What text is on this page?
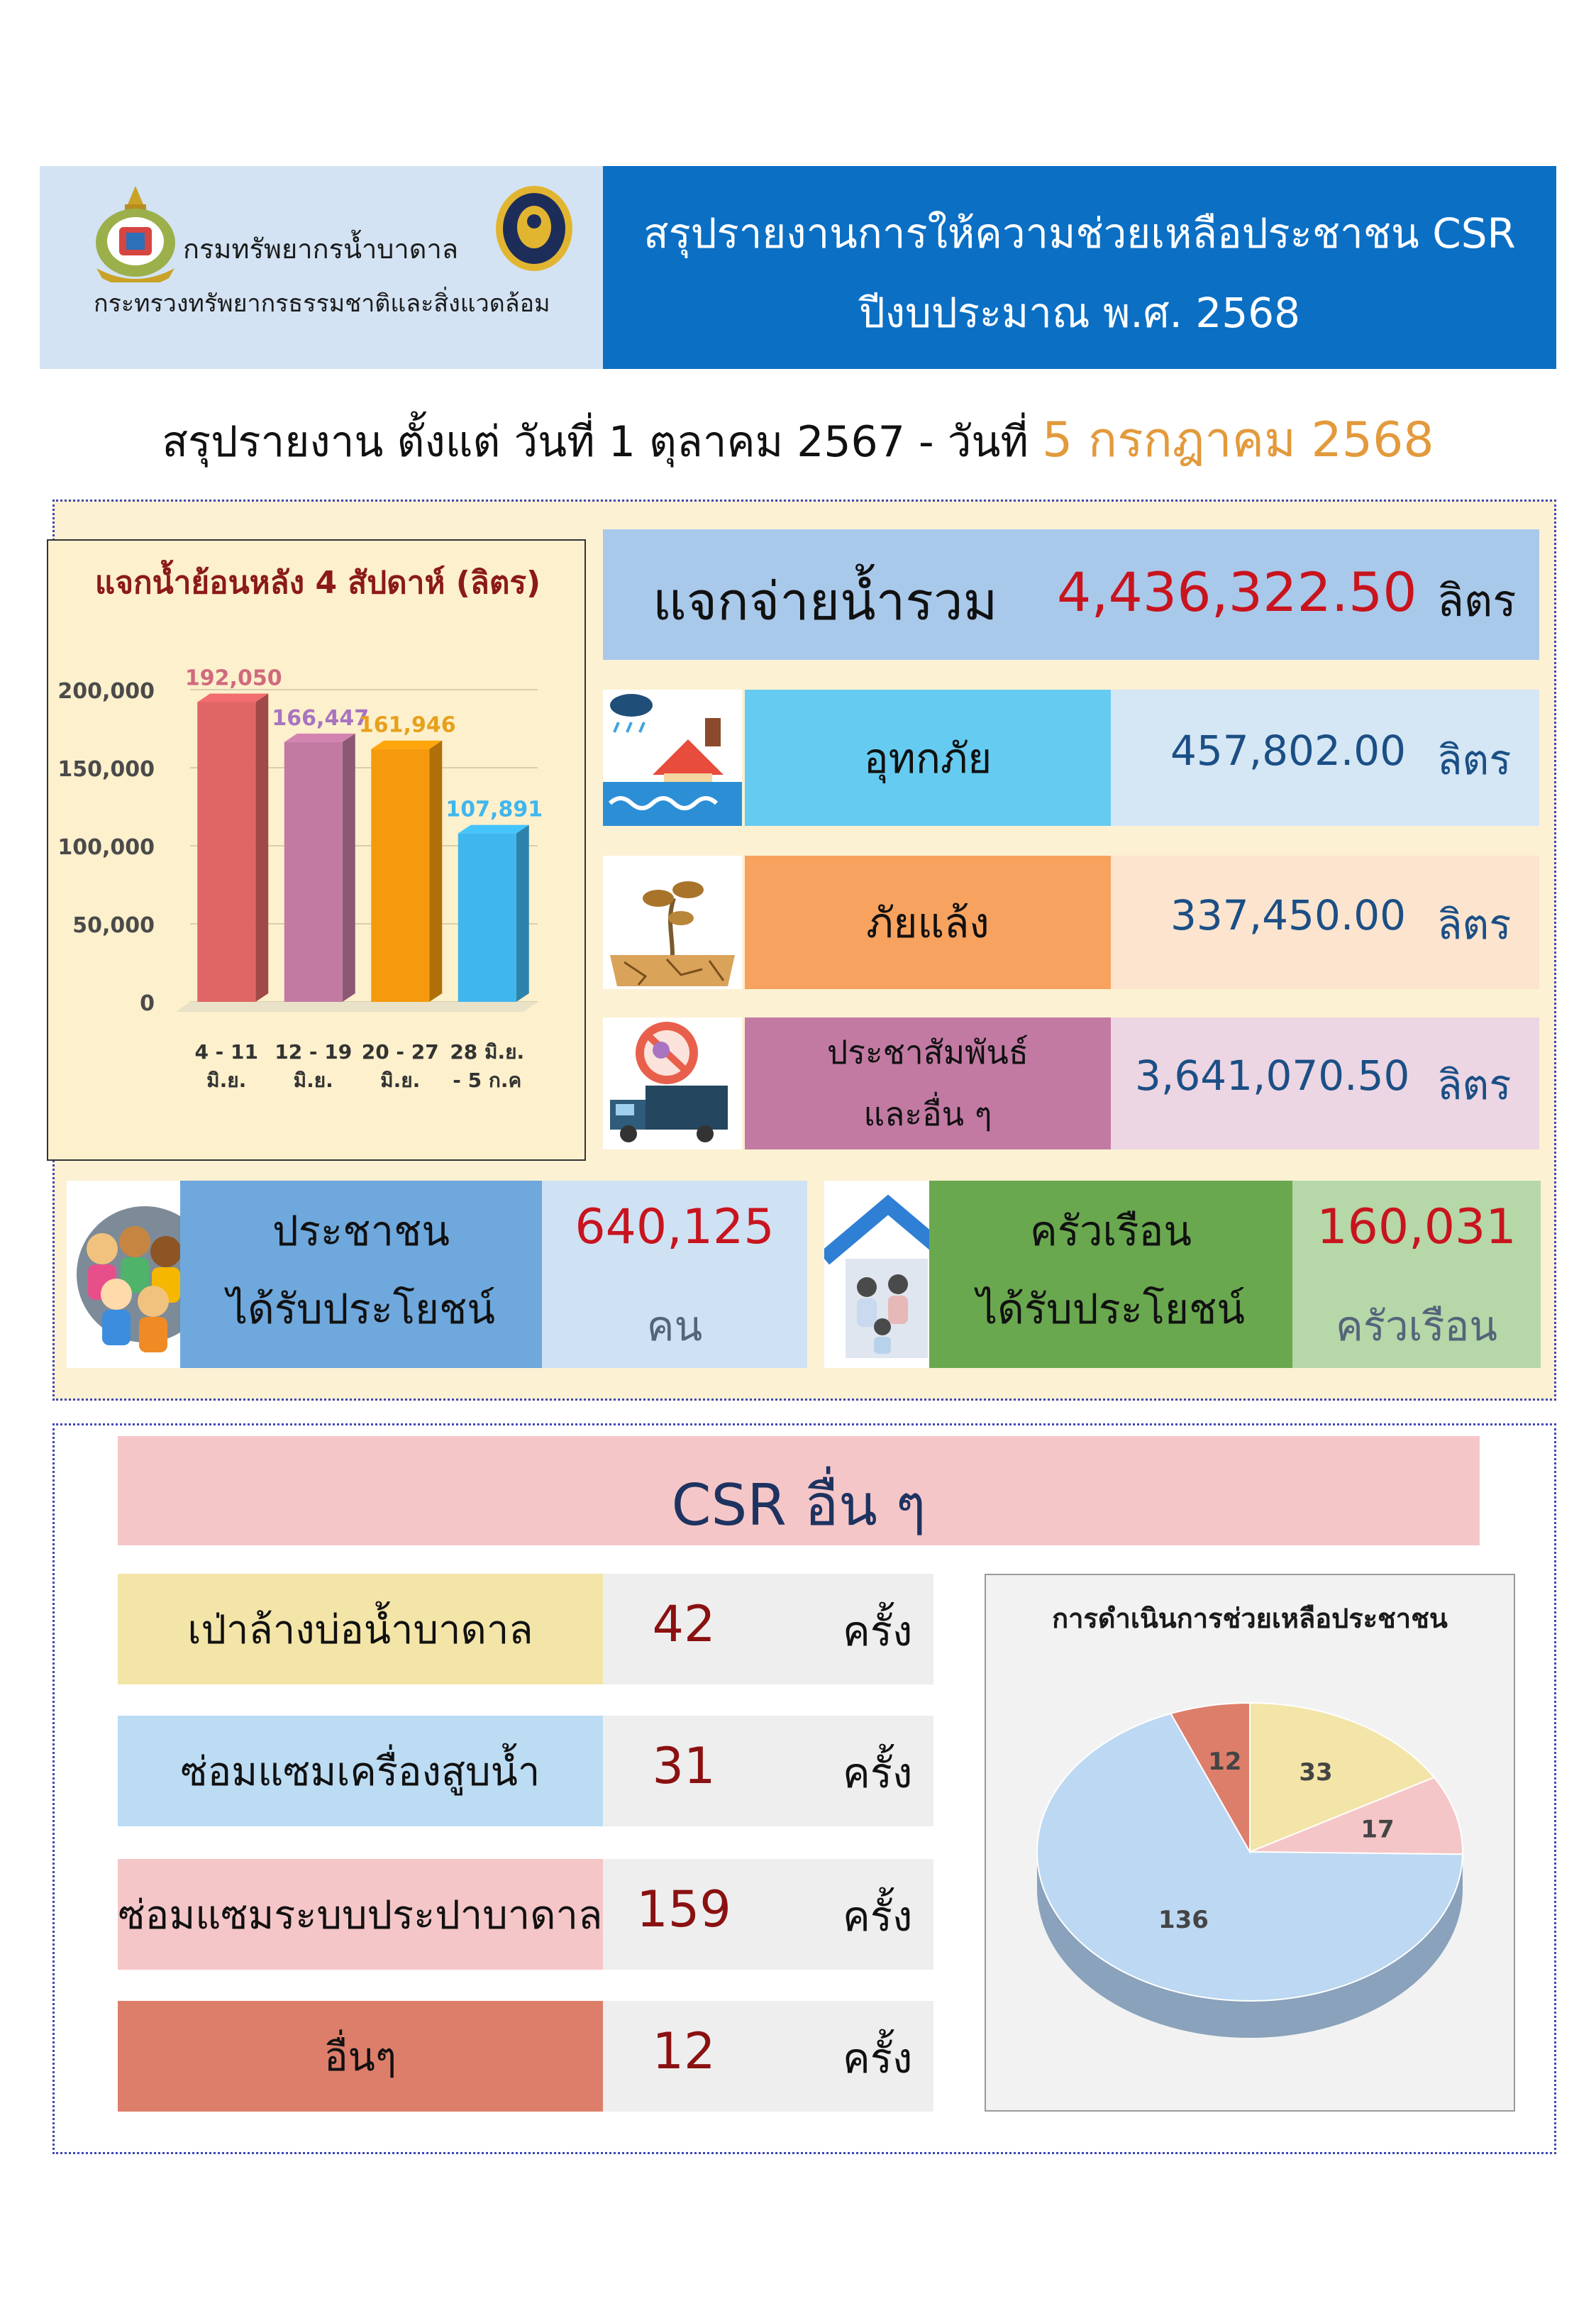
กรมทรัพยากรน้ำบาดาล
กระทรวงทรัพยากรธรรมชาติและสิ่งแวดล้อม
สรุปรายงานการให้ความช่วยเหลือประชาชน CSR
ปีงบประมาณ พ.ศ. 2568
สรุปรายงาน ตั้งแต่ วันที่ 1 ตุลาคม 2567 - วันที่ 5 กรกฎาคม 2568
แจกน้ำย้อนหลัง 4 สัปดาห์ (ลิตร)
200,000
150,000
100,000
50,000
0
192,050
4 - 11
มิ.ย.
166,447
12 - 19
มิ.ย.
161,946
20 - 27
มิ.ย.
107,891
28 มิ.ย.
- 5 ก.ค
แจกจ่ายน้ำรวม 4,436,322.50 ลิตร
อุทกภัย	457,802.00 ลิตร
ภัยแล้ง	337,450.00 ลิตร
ประชาสัมพันธ์
และอื่น ๆ
3,641,070.50 ลิตร
ประชาชน
ได้รับประโยชน์
640,125
คน
ครัวเรือน
ได้รับประโยชน์
160,031
ครัวเรือน
CSR อื่น ๆ
เป่าล้างบ่อน้ำบาดาล	42	ครั้ง
ซ่อมแซมเครื่องสูบน้ำ	31	ครั้ง
ซ่อมแซมระบบประปาบาดาล 159	ครั้ง
อื่นๆ	12	ครั้ง
การดำเนินการช่วยเหลือประชาชน
33
17
136
12
